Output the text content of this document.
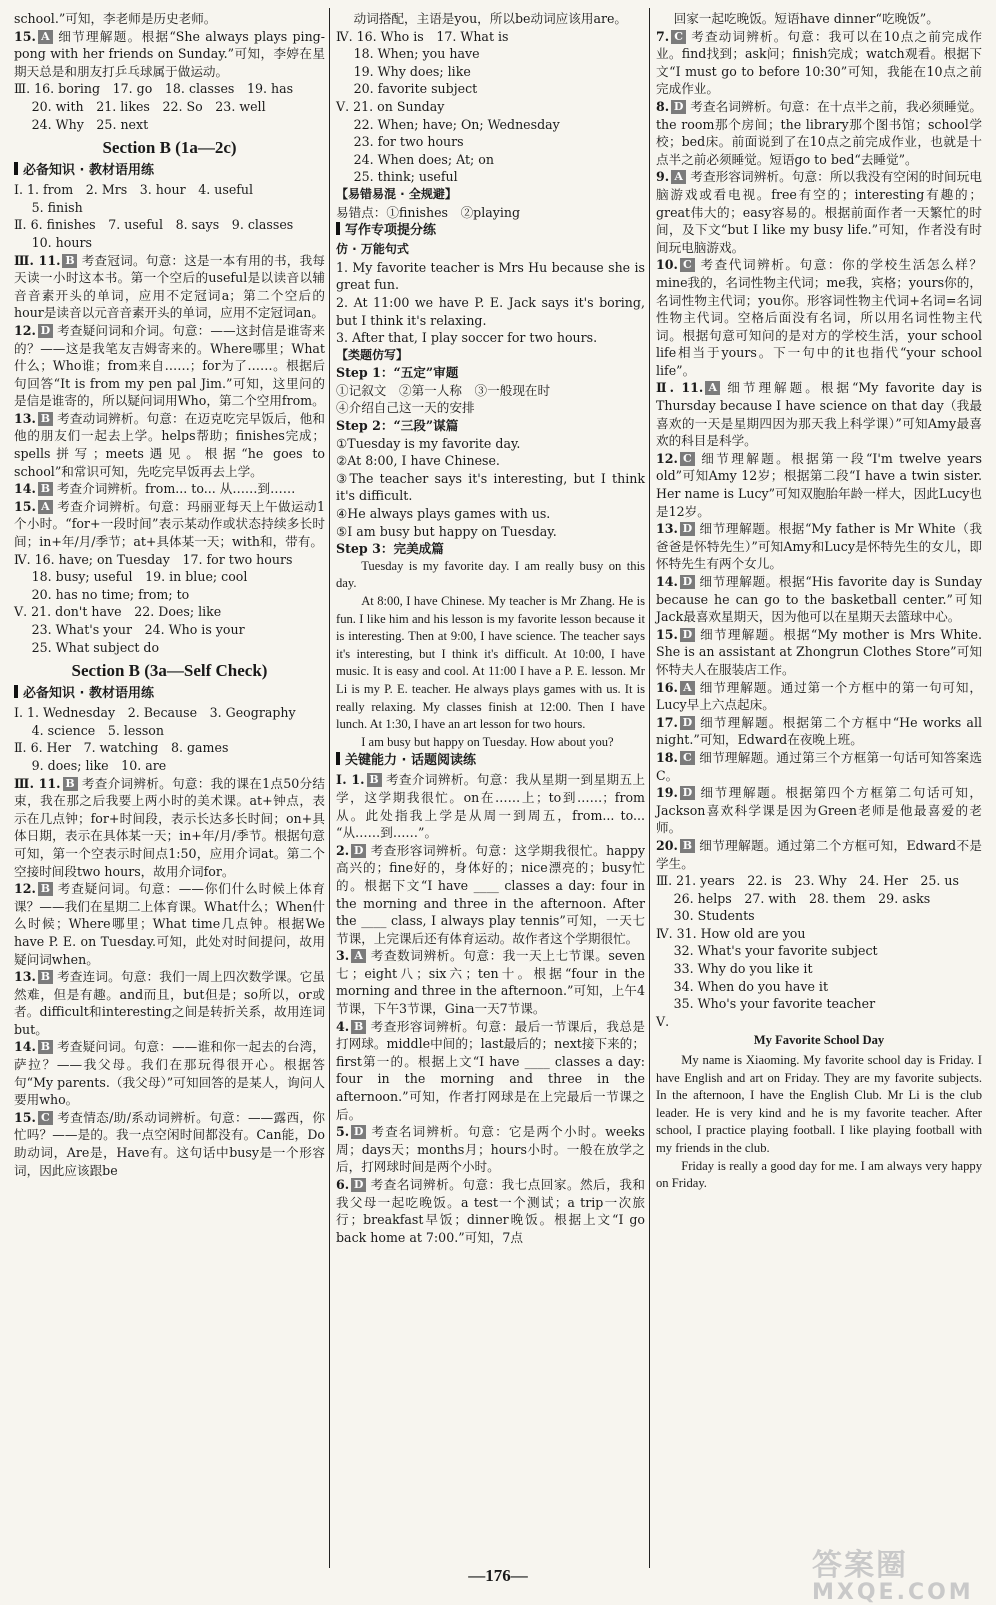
school.”可知，李老师是历史老师。

15. A 细节理解题。根据“She always plays ping-pong with her friends on Sunday.”可知，李婷在星期天总是和朋友打乒乓球属于做运动。

Ⅲ. 16. boring　17. go　18. classes　19. has

20. with　21. likes　22. So　23. well

24. Why　25. next

Section B (1a—2c)
必备知识 · 教材语用练

Ⅰ. 1. from　2. Mrs　3. hour　4. useful

5. finish

Ⅱ. 6. finishes　7. useful　8. says　9. classes

10. hours

Ⅲ. 11. B 考查冠词。句意：这是一本有用的书，我每天读一小时这本书。第一个空后的useful是以读音以辅音音素开头的单词，应用不定冠词a；第二个空后的hour是读音以元音音素开头的单词，应用不定冠词an。

12. D 考查疑问词和介词。句意：——这封信是谁寄来的？——这是我笔友吉姆寄来的。Where哪里；What什么；Who谁；from来自……；for为了……。根据后句回答“It is from my pen pal Jim.”可知，这里问的是信是谁寄的，所以疑问词用Who，第二个空用from。

13. B 考查动词辨析。句意：在迈克吃完早饭后，他和他的朋友们一起去上学。helps帮助；finishes完成；spells拼写；meets遇见。根据“he goes to school”和常识可知，先吃完早饭再去上学。

14. B 考查介词辨析。from... to... 从……到……

15. A 考查介词辨析。句意：玛丽亚每天上午做运动1个小时。“for+一段时间”表示某动作或状态持续多长时间；in+年/月/季节；at+具体某一天；with和，带有。

Ⅳ. 16. have; on Tuesday　17. for two hours

18. busy; useful　19. in blue; cool

20. has no time; from; to

Ⅴ. 21. don't have　22. Does; like

23. What's your　24. Who is your

25. What subject do

Section B (3a—Self Check)
必备知识 · 教材语用练

Ⅰ. 1. Wednesday　2. Because　3. Geography

4. science　5. lesson

Ⅱ. 6. Her　7. watching　8. games

9. does; like　10. are

Ⅲ. 11. B 考查介词辨析。句意：我的课在1点50分结束，我在那之后我要上两小时的美术课。at+钟点，表示在几点钟；for+时间段，表示长达多长时间；on+具体日期，表示在具体某一天；in+年/月/季节。根据句意可知，第一个空表示时间点1:50，应用介词at。第二个空接时间段two hours，故用介词for。

12. B 考查疑问词。句意：——你们什么时候上体育课？——我们在星期二上体育课。What什么；When什么时候；Where哪里；What time几点钟。根据We have P. E. on Tuesday.可知，此处对时间提问，故用疑问词when。

13. B 考查连词。句意：我们一周上四次数学课。它虽然难，但是有趣。and而且，but但是；so所以，or或者。difficult和interesting之间是转折关系，故用连词but。

14. B 考查疑问词。句意：——谁和你一起去的台湾，萨拉？——我父母。我们在那玩得很开心。根据答句“My parents.（我父母）”可知回答的是某人，询问人要用who。

15. C 考查情态/助/系动词辨析。句意：——露西，你忙吗？——是的。我一点空闲时间都没有。Can能，Do助动词，Are是，Have有。这句话中busy是一个形容词，因此应该跟be

动词搭配，主语是you，所以be动词应该用are。

Ⅳ. 16. Who is　17. What is

18. When; you have

19. Why does; like

20. favorite subject

Ⅴ. 21. on Sunday

22. When; have; On; Wednesday

23. for two hours

24. When does; At; on

25. think; useful

【易错易混 · 全规避】

易错点：①finishes　②playing

写作专项提分练
仿 · 万能句式

1. My favorite teacher is Mrs Hu because she is great fun.

2. At 11:00 we have P. E. Jack says it's boring, but I think it's relaxing.

3. After that, I play soccer for two hours.

【类题仿写】

Step 1：“五定”审题

①记叙文　②第一人称　③一般现在时

④介绍自己这一天的安排

Step 2：“三段”谋篇

①Tuesday is my favorite day.

②At 8:00, I have Chinese.

③The teacher says it's interesting, but I think it's difficult.

④He always plays games with us.

⑤I am busy but happy on Tuesday.

Step 3：完美成篇

Tuesday is my favorite day. I am really busy on this day.

At 8:00, I have Chinese. My teacher is Mr Zhang. He is fun. I like him and his lesson is my favorite lesson because it is interesting. Then at 9:00, I have science. The teacher says it's interesting, but I think it's difficult. At 10:00, I have music. It is easy and cool. At 11:00 I have a P. E. lesson. Mr Li is my P. E. teacher. He always plays games with us. It is really relaxing. My classes finish at 12:00. Then I have lunch. At 1:30, I have an art lesson for two hours.

I am busy but happy on Tuesday. How about you?

关键能力 · 话题阅读练

Ⅰ. 1. B 考查介词辨析。句意：我从星期一到星期五上学，这学期我很忙。on在……上；to到……；from从。此处指我上学是从周一到周五，from... to... “从……到……”。

2. D 考查形容词辨析。句意：这学期我很忙。happy高兴的；fine好的，身体好的；nice漂亮的；busy忙的。根据下文“I have ____ classes a day: four in the morning and three in the afternoon. After the ____ class, I always play tennis”可知，一天七节课，上完课后还有体育运动。故作者这个学期很忙。

3. A 考查数词辨析。句意：我一天上七节课。seven七；eight八；six六；ten十。根据“four in the morning and three in the afternoon.”可知，上午4节课，下午3节课，Gina一天7节课。

4. B 考查形容词辨析。句意：最后一节课后，我总是打网球。middle中间的；last最后的；next接下来的；first第一的。根据上文“I have ____ classes a day: four in the morning and three in the afternoon.”可知，作者打网球是在上完最后一节课之后。

5. D 考查名词辨析。句意：它是两个小时。weeks周；days天；months月；hours小时。一般在放学之后，打网球时间是两个小时。

6. D 考查名词辨析。句意：我七点回家。然后，我和我父母一起吃晚饭。a test一个测试；a trip一次旅行；breakfast早饭；dinner晚饭。根据上文“I go back home at 7:00.”可知，7点

回家一起吃晚饭。短语have dinner“吃晚饭”。

7. C 考查动词辨析。句意：我可以在10点之前完成作业。find找到；ask问；finish完成；watch观看。根据下文“I must go to before 10:30”可知，我能在10点之前完成作业。

8. D 考查名词辨析。句意：在十点半之前，我必须睡觉。the room那个房间；the library那个图书馆；school学校；bed床。前面说到了在10点之前完成作业，也就是十点半之前必须睡觉。短语go to bed“去睡觉”。

9. A 考查形容词辨析。句意：所以我没有空闲的时间玩电脑游戏或看电视。free有空的；interesting有趣的；great伟大的；easy容易的。根据前面作者一天繁忙的时间，及下文“but I like my busy life.”可知，作者没有时间玩电脑游戏。

10. C 考查代词辨析。句意：你的学校生活怎么样？mine我的，名词性物主代词；me我，宾格；yours你的，名词性物主代词；you你。形容词性物主代词+名词=名词性物主代词。空格后面没有名词，所以用名词性物主代词。根据句意可知问的是对方的学校生活，your school life相当于yours。下一句中的it也指代“your school life”。

Ⅱ. 11. A 细节理解题。根据“My favorite day is Thursday because I have science on that day（我最喜欢的一天是星期四因为那天我上科学课）”可知Amy最喜欢的科目是科学。

12. C 细节理解题。根据第一段“I'm twelve years old”可知Amy 12岁；根据第二段“I have a twin sister. Her name is Lucy”可知双胞胎年龄一样大，因此Lucy也是12岁。

13. D 细节理解题。根据“My father is Mr White（我爸爸是怀特先生）”可知Amy和Lucy是怀特先生的女儿，即怀特先生有两个女儿。

14. D 细节理解题。根据“His favorite day is Sunday because he can go to the basketball center.”可知Jack最喜欢星期天，因为他可以在星期天去篮球中心。

15. D 细节理解题。根据“My mother is Mrs White. She is an assistant at Zhongrun Clothes Store”可知怀特夫人在服装店工作。

16. A 细节理解题。通过第一个方框中的第一句可知，Lucy早上六点起床。

17. D 细节理解题。根据第二个方框中“He works all night.”可知，Edward在夜晚上班。

18. C 细节理解题。通过第三个方框第一句话可知答案选C。

19. D 细节理解题。根据第四个方框第二句话可知，Jackson喜欢科学课是因为Green老师是他最喜爱的老师。

20. B 细节理解题。通过第二个方框可知，Edward不是学生。

Ⅲ. 21. years　22. is　23. Why　24. Her　25. us

26. helps　27. with　28. them　29. asks

30. Students

Ⅳ. 31. How old are you

32. What's your favorite subject

33. Why do you like it

34. When do you have it

35. Who's your favorite teacher

Ⅴ.

My Favorite School Day

My name is Xiaoming. My favorite school day is Friday. I have English and art on Friday. They are my favorite subjects. In the afternoon, I have the English Club. Mr Li is the club leader. He is very kind and he is my favorite teacher. After school, I practice playing football. I like playing football with my friends in the club.

Friday is really a good day for me. I am always very happy on Friday.

—176—	答案圈
MXQE.COM
